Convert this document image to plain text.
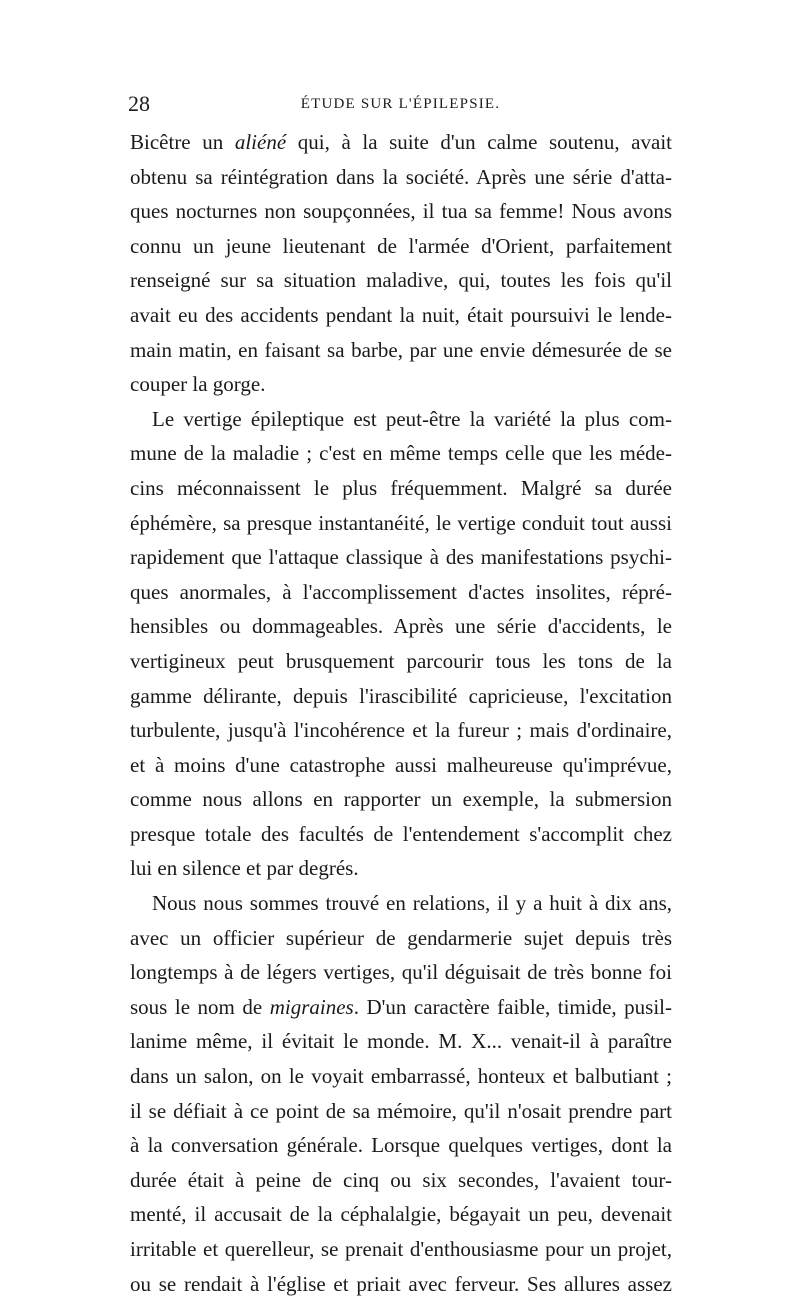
28	ÉTUDE SUR L'ÉPILEPSIE.
Bicêtre un aliéné qui, à la suite d'un calme soutenu, avait
obtenu sa réintégration dans la société. Après une série d'atta-
ques nocturnes non soupçonnées, il tua sa femme! Nous avons
connu un jeune lieutenant de l'armée d'Orient, parfaitement
renseigné sur sa situation maladive, qui, toutes les fois qu'il
avait eu des accidents pendant la nuit, était poursuivi le lende-
main matin, en faisant sa barbe, par une envie démesurée de se
couper la gorge.
Le vertige épileptique est peut-être la variété la plus com-
mune de la maladie ; c'est en même temps celle que les méde-
cins méconnaissent le plus fréquemment. Malgré sa durée
éphémère, sa presque instantanéité, le vertige conduit tout aussi
rapidement que l'attaque classique à des manifestations psychi-
ques anormales, à l'accomplissement d'actes insolites, répré-
hensibles ou dommageables. Après une série d'accidents, le
vertigineux peut brusquement parcourir tous les tons de la
gamme délirante, depuis l'irascibilité capricieuse, l'excitation
turbulente, jusqu'à l'incohérence et la fureur ; mais d'ordinaire,
et à moins d'une catastrophe aussi malheureuse qu'imprévue,
comme nous allons en rapporter un exemple, la submersion
presque totale des facultés de l'entendement s'accomplit chez
lui en silence et par degrés.
Nous nous sommes trouvé en relations, il y a huit à dix ans,
avec un officier supérieur de gendarmerie sujet depuis très
longtemps à de légers vertiges, qu'il déguisait de très bonne foi
sous le nom de migraines. D'un caractère faible, timide, pusil-
lanime même, il évitait le monde. M. X... venait-il à paraître
dans un salon, on le voyait embarrassé, honteux et balbutiant ;
il se défiait à ce point de sa mémoire, qu'il n'osait prendre part
à la conversation générale. Lorsque quelques vertiges, dont la
durée était à peine de cinq ou six secondes, l'avaient tour-
menté, il accusait de la céphalalgie, bégayait un peu, devenait
irritable et querelleur, se prenait d'enthousiasme pour un projet,
ou se rendait à l'église et priait avec ferveur. Ses allures assez
